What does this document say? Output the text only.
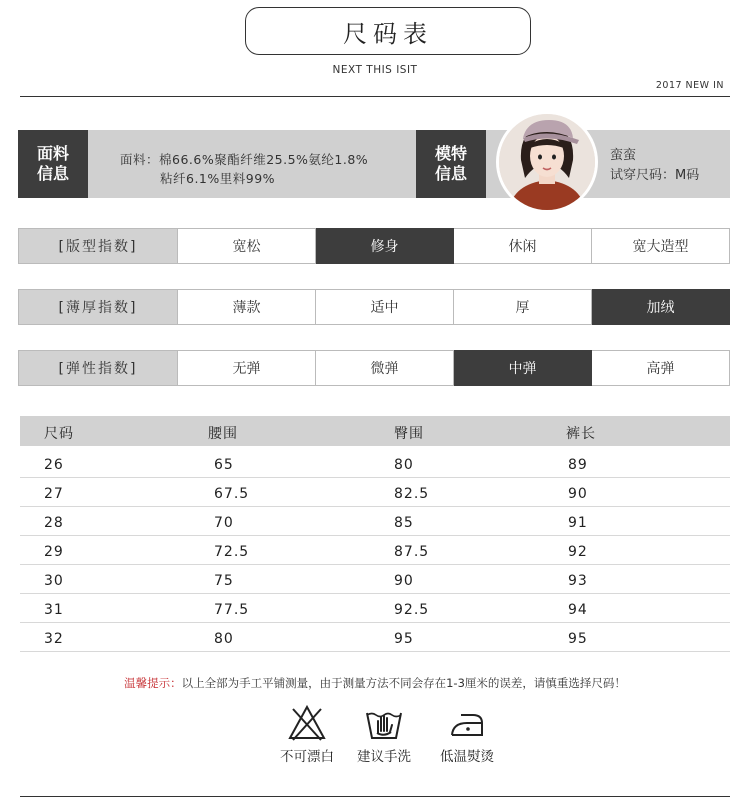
尺码表
NEXT THIS ISIT
2017 NEW IN
面料
信息
面料：棉66.6%聚酯纤维25.5%氨纶1.8%
粘纤6.1%里料99%
模特
信息
蛮蛮
试穿尺码：M码
[版型指数]	宽松	修身	休闲	宽大造型
[薄厚指数]	薄款	适中	厚	加绒
[弹性指数]	无弹	微弹	中弹	高弹
尺码	腰围	臀围	裤长
26	65	80	89
27	67.5	82.5	90
28	70	85	91
29	72.5	87.5	92
30	75	90	93
31	77.5	92.5	94
32	80	95	95
温馨提示：以上全部为手工平铺测量，由于测量方法不同会存在1-3厘米的误差，请慎重选择尺码！
不可漂白	建议手洗	低温熨烫
